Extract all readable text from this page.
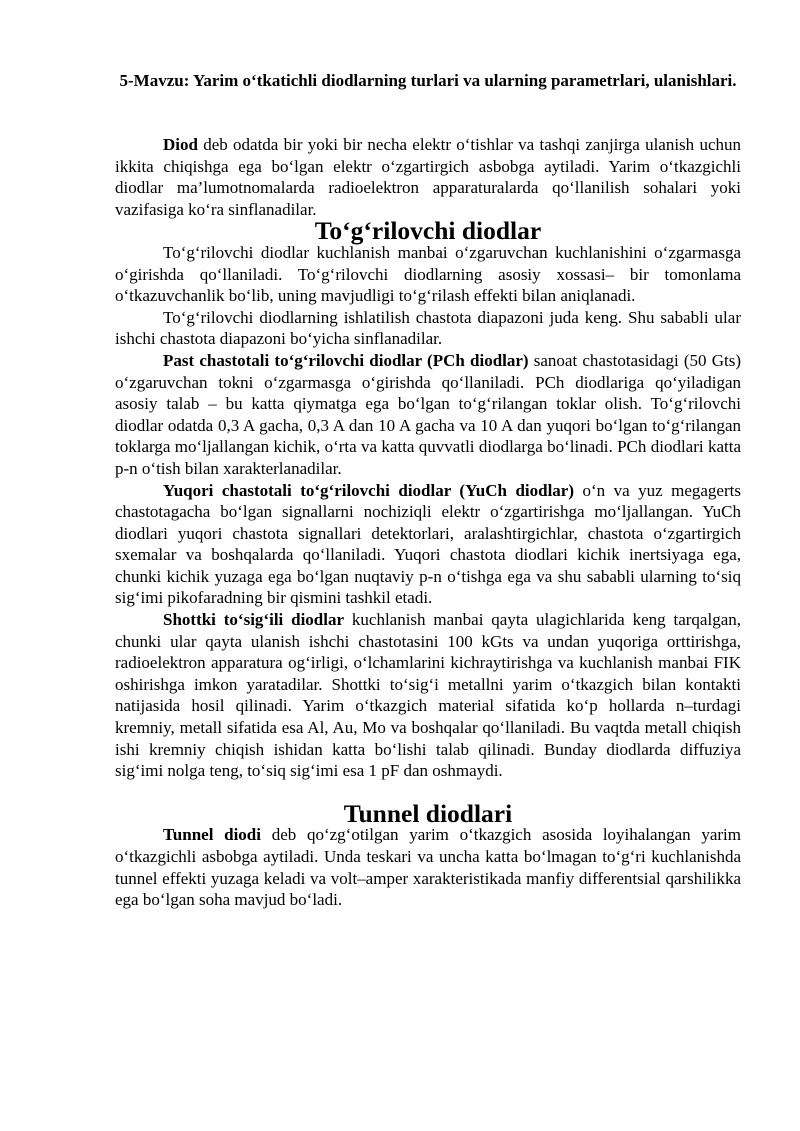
5-Mavzu: Yarim o‘tkatichli diodlarning turlari va ularning parametrlari, ulanishlari.

Diod deb odatda bir yoki bir necha elektr o‘tishlar va tashqi zanjirga ulanish uchun ikkita chiqishga ega bo‘lgan elektr o‘zgartirgich asbobga aytiladi. Yarim o‘tkazgichli diodlar ma’lumotnomalarda radioelektron apparaturalarda qo‘llanilish sohalari yoki vazifasiga ko‘ra sinflanadilar.

To‘g‘rilovchi diodlar

To‘g‘rilovchi diodlar kuchlanish manbai o‘zgaruvchan kuchlanishini o‘zgarmasga o‘girishda qo‘llaniladi. To‘g‘rilovchi diodlarning asosiy xossasi– bir tomonlama o‘tkazuvchanlik bo‘lib, uning mavjudligi to‘g‘rilash effekti bilan aniqlanadi.

To‘g‘rilovchi diodlarning ishlatilish chastota diapazoni juda keng. Shu sababli ular ishchi chastota diapazoni bo‘yicha sinflanadilar.

Past chastotali to‘g‘rilovchi diodlar (PCh diodlar) sanoat chastotasidagi (50 Gts) o‘zgaruvchan tokni o‘zgarmasga o‘girishda qo‘llaniladi. PCh diodlariga qo‘yiladigan asosiy talab – bu katta qiymatga ega bo‘lgan to‘g‘rilangan toklar olish. To‘g‘rilovchi diodlar odatda 0,3 A gacha, 0,3 A dan 10 A gacha va 10 A dan yuqori bo‘lgan to‘g‘rilangan toklarga mo‘ljallangan kichik, o‘rta va katta quvvatli diodlarga bo‘linadi. PCh diodlari katta p-n o‘tish bilan xarakterlanadilar.

Yuqori chastotali to‘g‘rilovchi diodlar (YuCh diodlar) o‘n va yuz megagerts chastotagacha bo‘lgan signallarni nochiziqli elektr o‘zgartirishga mo‘ljallangan. YuCh diodlari yuqori chastota signallari detektorlari, aralashtirgichlar, chastota o‘zgartirgich sxemalar va boshqalarda qo‘llaniladi. Yuqori chastota diodlari kichik inertsiyaga ega, chunki kichik yuzaga ega bo‘lgan nuqtaviy p-n o‘tishga ega va shu sababli ularning to‘siq sig‘imi pikofaradning bir qismini tashkil etadi.

Shottki to‘sig‘ili diodlar kuchlanish manbai qayta ulagichlarida keng tarqalgan, chunki ular qayta ulanish ishchi chastotasini 100 kGts va undan yuqoriga orttirishga, radioelektron apparatura og‘irligi, o‘lchamlarini kichraytirishga va kuchlanish manbai FIK oshirishga imkon yaratadilar. Shottki to‘sig‘i metallni yarim o‘tkazgich bilan kontakti natijasida hosil qilinadi. Yarim o‘tkazgich material sifatida ko‘p hollarda n–turdagi kremniy, metall sifatida esa Al, Au, Mo va boshqalar qo‘llaniladi. Bu vaqtda metall chiqish ishi kremniy chiqish ishidan katta bo‘lishi talab qilinadi. Bunday diodlarda diffuziya sig‘imi nolga teng, to‘siq sig‘imi esa 1 pF dan oshmaydi.

Tunnel diodlari

Tunnel diodi deb qo‘zg‘otilgan yarim o‘tkazgich asosida loyihalangan yarim o‘tkazgichli asbobga aytiladi. Unda teskari va uncha katta bo‘lmagan to‘g‘ri kuchlanishda tunnel effekti yuzaga keladi va volt–amper xarakteristikada manfiy differentsial qarshilikka ega bo‘lgan soha mavjud bo‘ladi.
